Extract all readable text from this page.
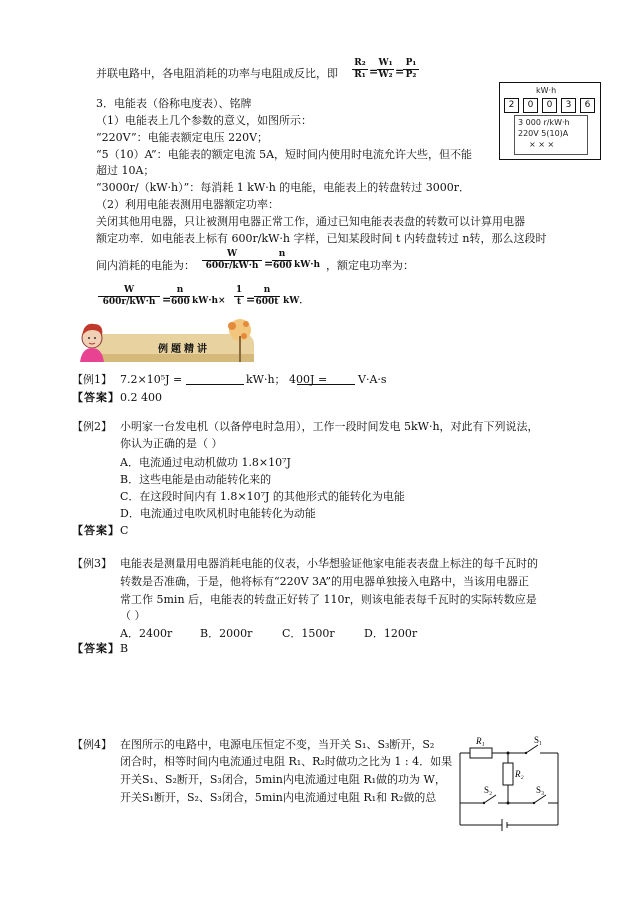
并联电路中，各电阻消耗的功率与电阻成反比，即 $\frac{\text{R₂}}{\text{R₁}}$ =
$\frac{\text{W₁}}{\text{W₂}}$ =
$\frac{\text{P₁}}{\text{P₂}}$
3．电能表（俗称电度表）、铭牌
（1）电能表上几个参数的意义，如图所示：
“220V”：电能表额定电压 220V；
“5（10）A”：电能表的额定电流 5A，短时间内使用时电流允许大些，但不能
超过 10A；
“3000r/（kW·h）”：每消耗 1 kW·h 的电能，电能表上的转盘转过 3000r．
（2）利用电能表测用电器额定功率：
关闭其他用电器，只让被测用电器正常工作，通过已知电能表表盘的转数可以计算用电器
额定功率．如电能表上标有 600r/kW·h 字样，已知某段时间 t 内转盘转过 n转，那么这段时
间内消耗的电能为： $\frac{W}{600r/kW\cdot h}$ =
$\frac{n}{600} kW\cdot h$ ，额定电功率为：
$\frac{W}{600r/kW\cdot h}$ =
$\frac{n}{600} kW\cdot h\times \frac{1}{t}$ =
$\frac{n}{600t}$ kW．
kW·h
2	0	0	3	6
3 000 r/kW·h
220V 5(10)A
× × ×
例题精讲
【例1】 7.2×10⁵J =	kW·h； 400J =	V·A·s
【答案】 0.2 400
【例2】 小明家一台发电机（以备停电时急用），工作一段时间发电 5kW·h，对此有下列说法，
你认为正确的是（ ）
A．电流通过电动机做功 1.8×10⁷J
B．这些电能是由动能转化来的
C．在这段时间内有 1.8×10⁷J 的其他形式的能转化为电能
D．电流通过电吹风机时电能转化为动能
【答案】 C
【例3】 电能表是测量用电器消耗电能的仪表，小华想验证他家电能表表盘上标注的每千瓦时的
转数是否准确，于是，他将标有“220V 3A”的用电器单独接入电路中，当该用电器正
常工作 5min 后，电能表的转盘正好转了 110r，则该电能表每千瓦时的实际转数应是
（ ）
A．2400r	B．2000r	C．1500r	D．1200r
【答案】 B
【例4】 在图所示的电路中，电源电压恒定不变，当开关 S₁、S₃断开，S₂
闭合时，相等时间内电流通过电阻 R₁、R₂时做功之比为 1 : 4．如果
开关S₁、S₂断开，S₃闭合，5min内电流通过电阻 R₁做的功为 W，
开关S₁断开，S₂、S₃闭合，5min内电流通过电阻 R₁和 R₂做的总
R₁
R₂
S₁
S₂	S₃
